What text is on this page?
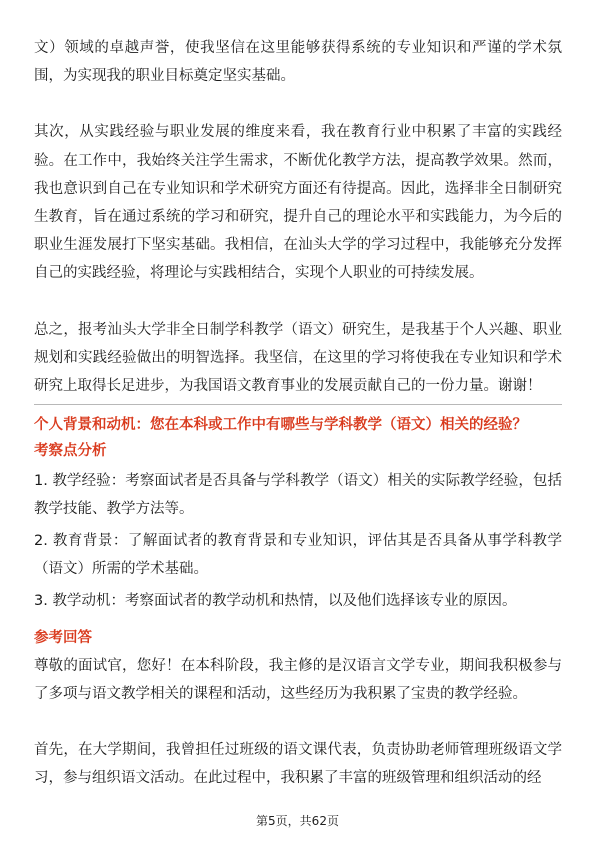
文）领域的卓越声誉，使我坚信在这里能够获得系统的专业知识和严谨的学术氛围，为实现我的职业目标奠定坚实基础。

其次，从实践经验与职业发展的维度来看，我在教育行业中积累了丰富的实践经验。在工作中，我始终关注学生需求，不断优化教学方法，提高教学效果。然而，我也意识到自己在专业知识和学术研究方面还有待提高。因此，选择非全日制研究生教育，旨在通过系统的学习和研究，提升自己的理论水平和实践能力，为今后的职业生涯发展打下坚实基础。我相信，在汕头大学的学习过程中，我能够充分发挥自己的实践经验，将理论与实践相结合，实现个人职业的可持续发展。

总之，报考汕头大学非全日制学科教学（语文）研究生，是我基于个人兴趣、职业规划和实践经验做出的明智选择。我坚信，在这里的学习将使我在专业知识和学术研究上取得长足进步，为我国语文教育事业的发展贡献自己的一份力量。谢谢！

个人背景和动机：您在本科或工作中有哪些与学科教学（语文）相关的经验？

考察点分析

1. 教学经验：考察面试者是否具备与学科教学（语文）相关的实际教学经验，包括教学技能、教学方法等。

2. 教育背景：了解面试者的教育背景和专业知识，评估其是否具备从事学科教学（语文）所需的学术基础。

3. 教学动机：考察面试者的教学动机和热情，以及他们选择该专业的原因。

参考回答

尊敬的面试官，您好！在本科阶段，我主修的是汉语言文学专业，期间我积极参与了多项与语文教学相关的课程和活动，这些经历为我积累了宝贵的教学经验。

首先，在大学期间，我曾担任过班级的语文课代表，负责协助老师管理班级语文学习，参与组织语文活动。在此过程中，我积累了丰富的班级管理和组织活动的经

第5页，共62页
